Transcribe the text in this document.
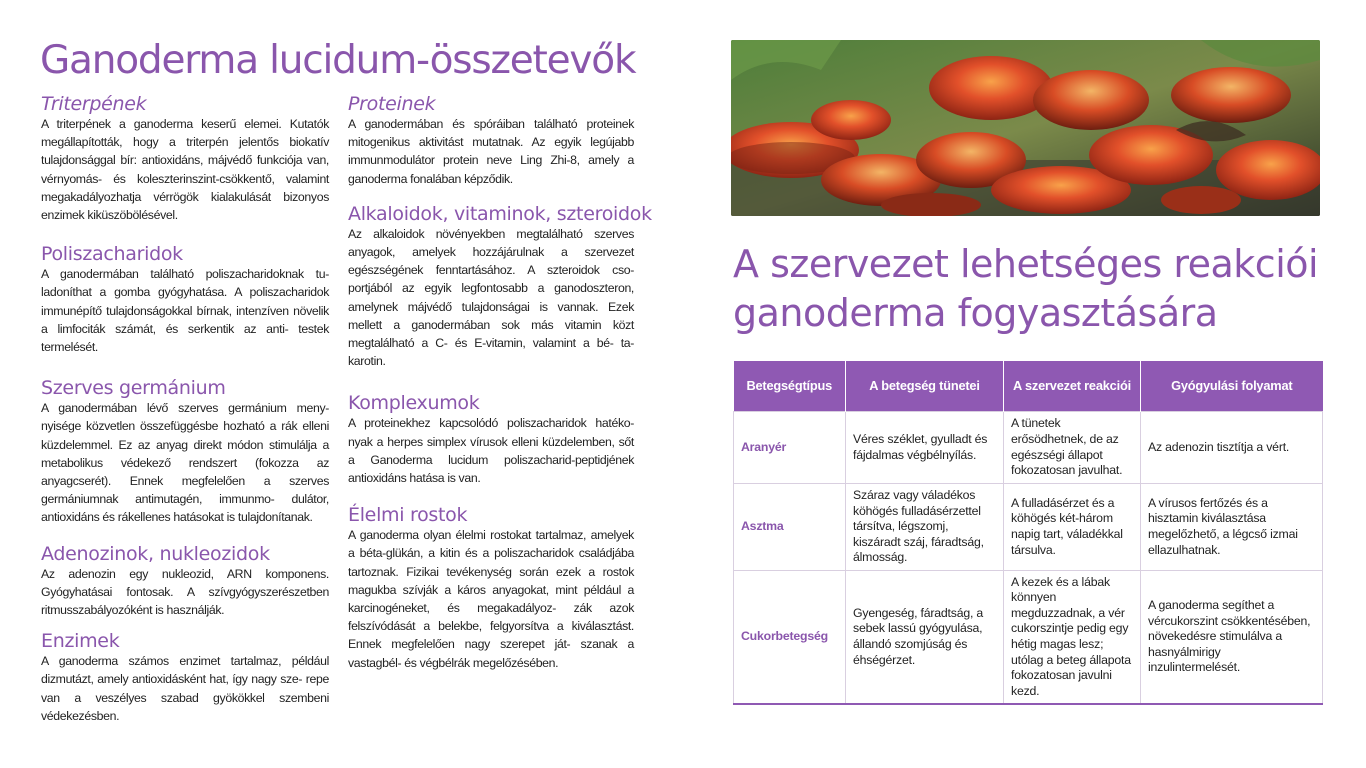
Ganoderma lucidum-összetevők
Triterpének

A triterpének a ganoderma keserű elemei. Kutatók megállapították, hogy a triterpén jelentős biokatív tulajdonsággal bír: antioxidáns, májvédő funkciója van, vérnyomás- és koleszterinszint-csökkentő, valamint megakadályozhatja vérrögök kialakulását bizonyos enzimek kiküszöbölésével.

Poliszacharidok

A ganodermában található poliszacharidoknak tu- ladoníthat a gomba gyógyhatása. A poliszacharidok immunépítő tulajdonságokkal bírnak, intenzíven növelik a limfociták számát, és serkentik az anti- testek termelését.

Szerves germánium

A ganodermában lévő szerves germánium meny- nyisége közvetlen összefüggésbe hozható a rák elleni küzdelemmel. Ez az anyag direkt módon stimulálja a metabolikus védekező rendszert (fokozza az anyagcserét). Ennek megfelelően a szerves germániumnak antimutagén, immunmo- dulátor, antioxidáns és rákellenes hatásokat is tulajdonítanak.

Adenozinok, nukleozidok

Az adenozin egy nukleozid, ARN komponens. Gyógyhatásai fontosak. A szívgyógyszerészetben ritmusszabályozóként is használják.

Enzimek

A ganoderma számos enzimet tartalmaz, például dizmutázt, amely antioxidásként hat, így nagy sze- repe van a veszélyes szabad gyökökkel szembeni védekezésben.

Proteinek

A ganodermában és spóráiban található proteinek mitogenikus aktivitást mutatnak. Az egyik legújabb immunmodulátor protein neve Ling Zhi-8, amely a ganoderma fonalában képződik.

Alkaloidok, vitaminok, szteroidok

Az alkaloidok növényekben megtalálható szerves anyagok, amelyek hozzájárulnak a szervezet egészségének fenntartásához. A szteroidok cso- portjából az egyik legfontosabb a ganodoszteron, amelynek májvédő tulajdonságai is vannak. Ezek mellett a ganodermában sok más vitamin közt megtalálható a C- és E-vitamin, valamint a bé- ta-karotin.

Komplexumok

A proteinekhez kapcsolódó poliszacharidok hatéko- nyak a herpes simplex vírusok elleni küzdelemben, sőt a Ganoderma lucidum poliszacharid-peptidjének antioxidáns hatása is van.

Élelmi rostok

A ganoderma olyan élelmi rostokat tartalmaz, amelyek a béta-glükán, a kitin és a poliszacharidok családjába tartoznak. Fizikai tevékenység során ezek a rostok magukba szívják a káros anyagokat, mint például a karcinogéneket, és megakadályoz- zák azok felszívódását a belekbe, felgyorsítva a kiválasztást. Ennek megfelelően nagy szerepet ját- szanak a vastagbél- és végbélrák megelőzésében.

A szervezet lehetséges reakciói
ganoderma fogyasztására
Betegségtípus	A betegség tünetei	A szervezet reakciói	Gyógyulási folyamat
Aranyér	Véres széklet, gyulladt és fájdalmas végbélnyílás.	A tünetek erősödhetnek, de az egészségi állapot fokozatosan javulhat.	Az adenozin tisztítja a vért.
Asztma	Száraz vagy váladékos köhögés fulladásérzettel társítva, légszomj, kiszáradt száj, fáradtság, álmosság.	A fulladásérzet és a köhögés két-három napig tart, váladékkal társulva.	A vírusos fertőzés és a hisztamin kiválasztása megelőzhető, a légcső izmai ellazulhatnak.
Cukorbetegség	Gyengeség, fáradtság, a sebek lassú gyógyulása, állandó szomjúság és éhségérzet.	A kezek és a lábak könnyen megduzzadnak, a vér cukorszintje pedig egy hétig magas lesz; utólag a beteg állapota fokozatosan javulni kezd.	A ganoderma segíthet a vércukorszint csökkentésében, növekedésre stimulálva a hasnyálmirigy inzulintermelését.
